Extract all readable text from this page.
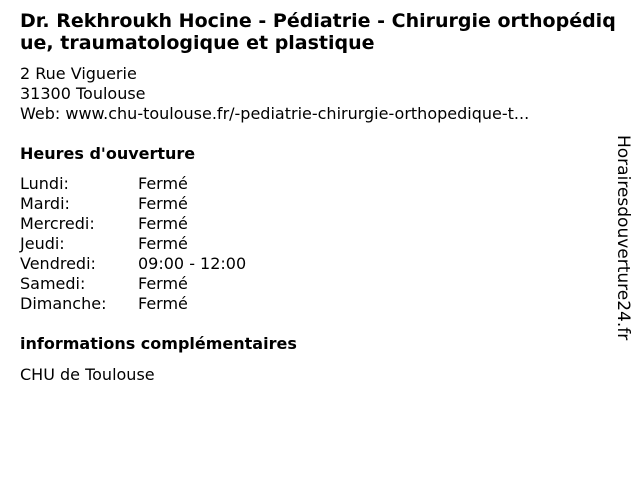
Dr. Rekhroukh Hocine - Pédiatrie - Chirurgie orthopédique, traumatologique et plastique
2 Rue Viguerie
31300 Toulouse
Web: www.chu-toulouse.fr/-pediatrie-chirurgie-orthopedique-t...
Heures d'ouverture
Lundi:	Fermé
Mardi:	Fermé
Mercredi:	Fermé
Jeudi:	Fermé
Vendredi:	09:00 - 12:00
Samedi:	Fermé
Dimanche:	Fermé
informations complémentaires
CHU de Toulouse
Horairesdouverture24.fr
